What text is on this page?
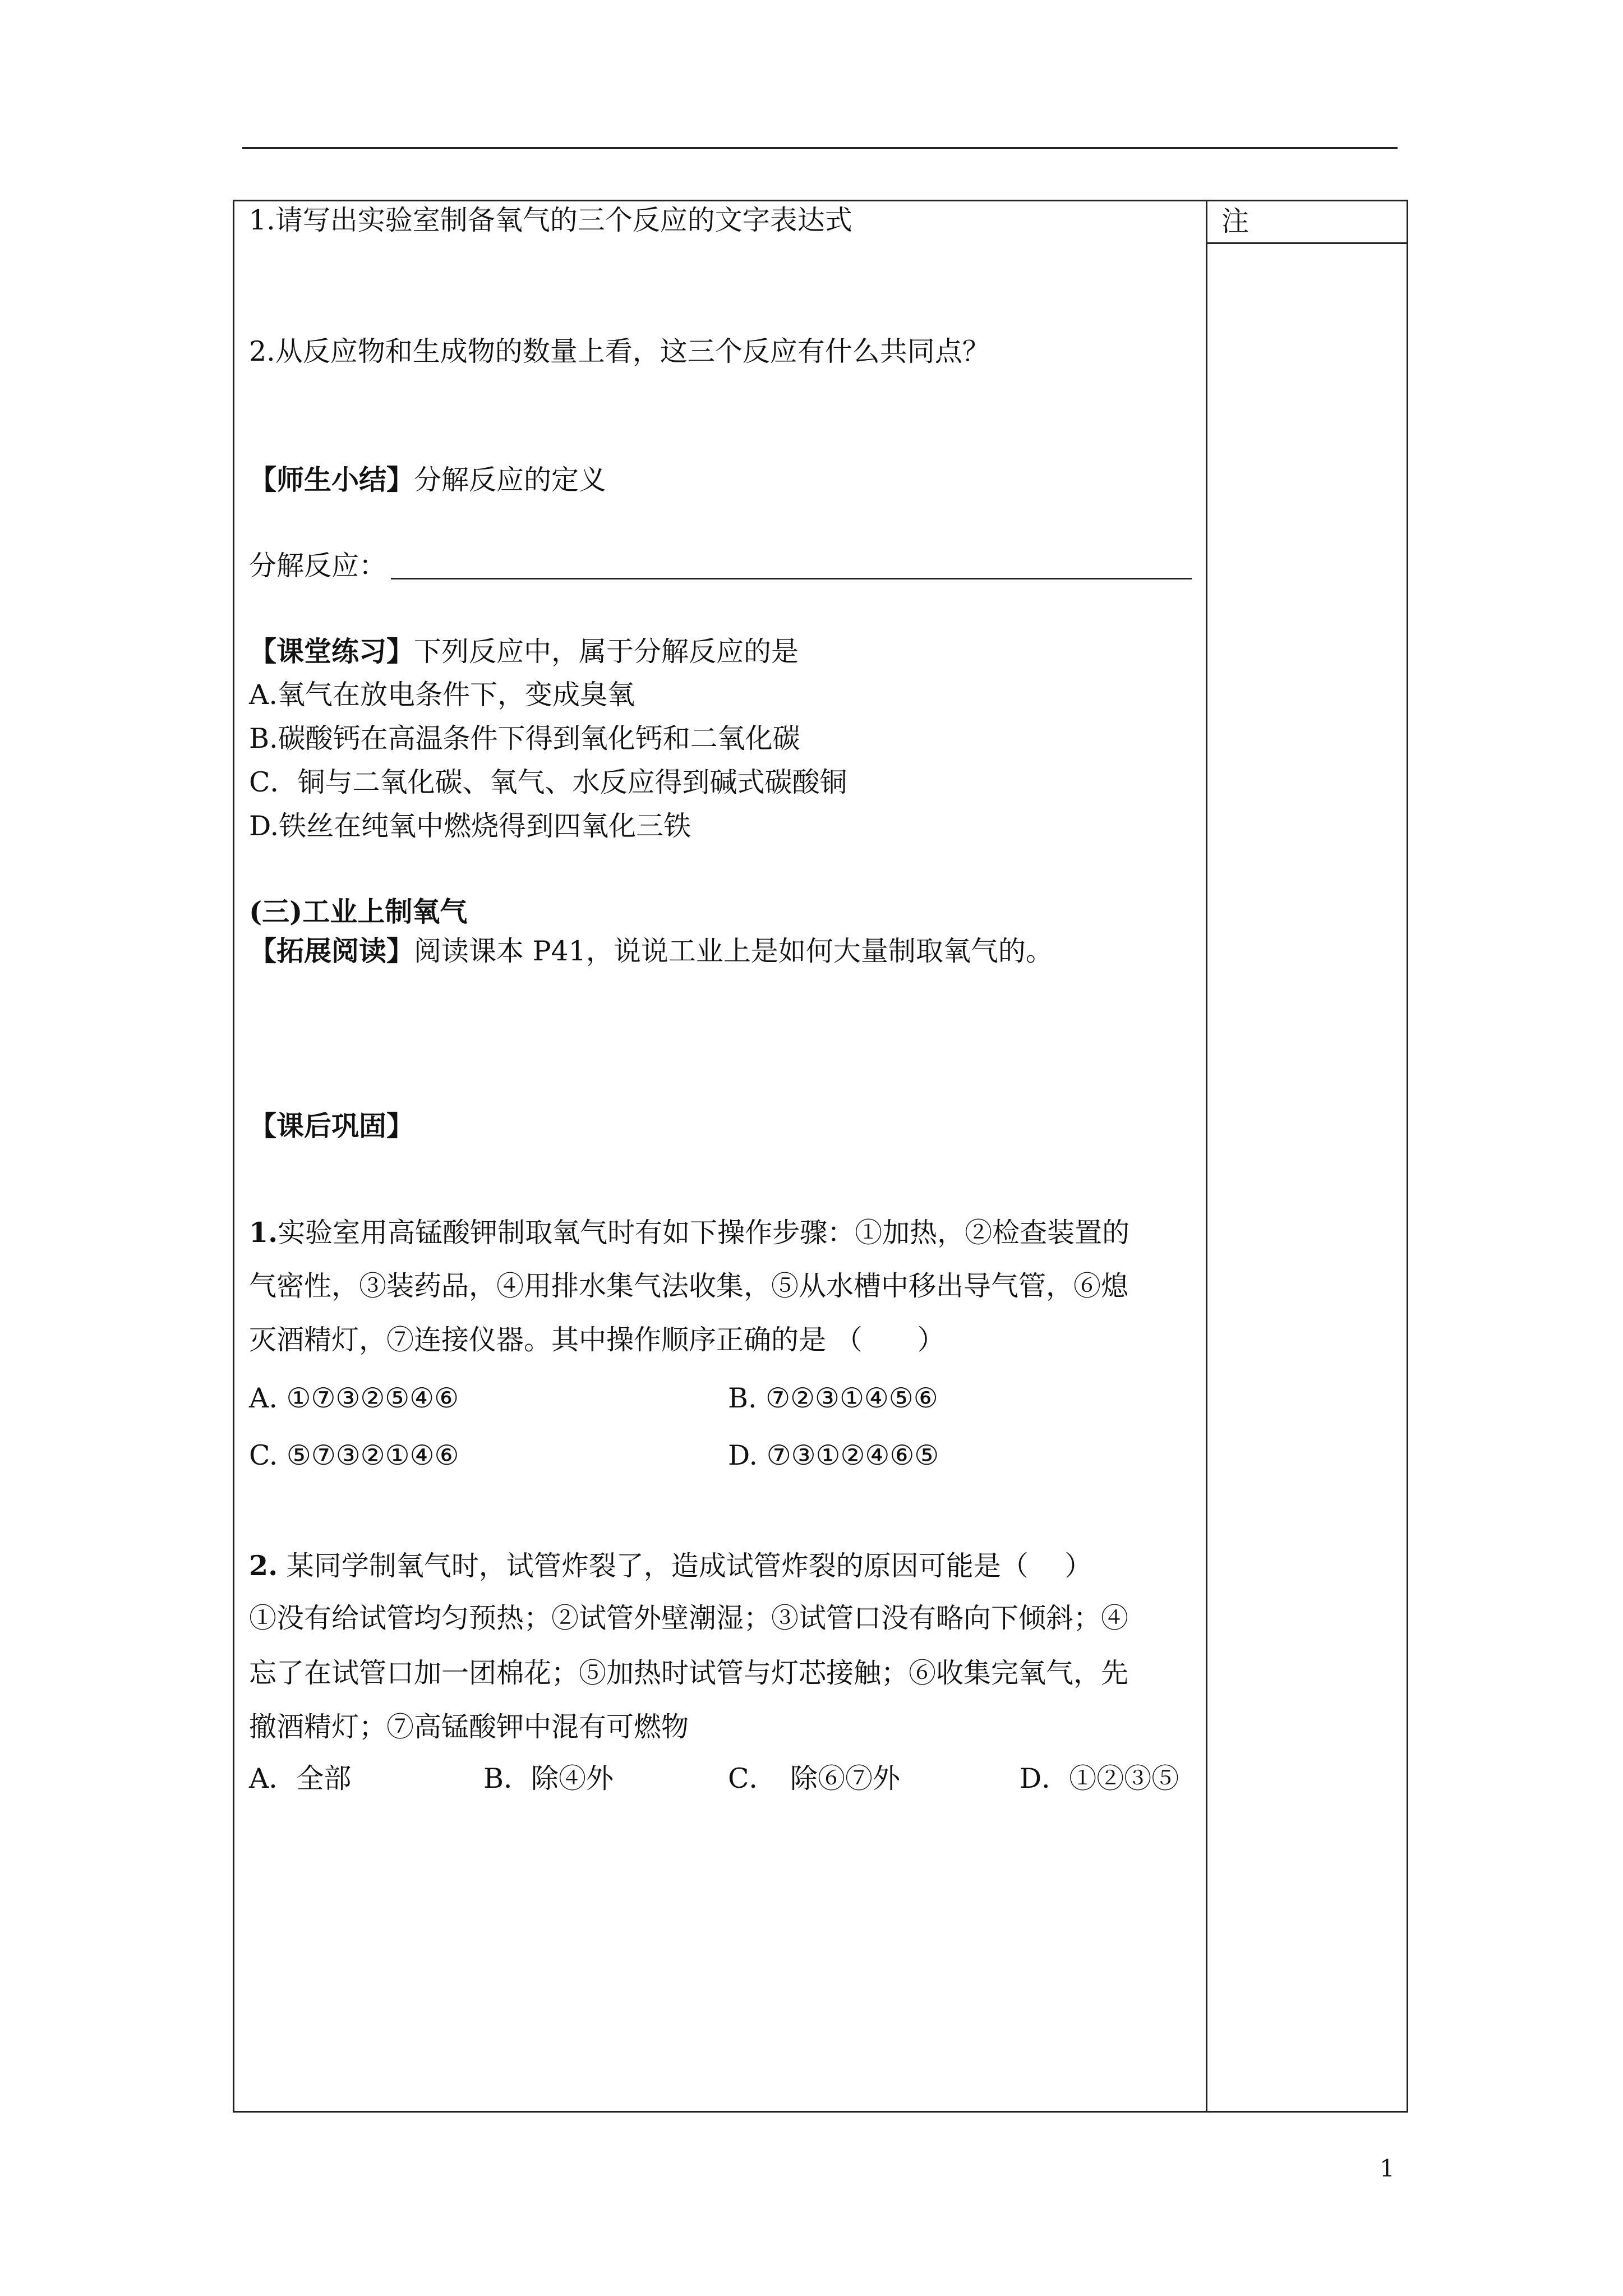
注
1.请写出实验室制备氧气的三个反应的文字表达式
2.从反应物和生成物的数量上看，这三个反应有什么共同点？
【师生小结】分解反应的定义
分解反应：
【课堂练习】下列反应中，属于分解反应的是
A.氧气在放电条件下，变成臭氧
B.碳酸钙在高温条件下得到氧化钙和二氧化碳
C．铜与二氧化碳、氧气、水反应得到碱式碳酸铜
D.铁丝在纯氧中燃烧得到四氧化三铁
(三)工业上制氧气
【拓展阅读】阅读课本 P41，说说工业上是如何大量制取氧气的。
【课后巩固】
1.实验室用高锰酸钾制取氧气时有如下操作步骤：①加热，②检查装置的
气密性，③装药品，④用排水集气法收集，⑤从水槽中移出导气管，⑥熄
灭酒精灯，⑦连接仪器。其中操作顺序正确的是 （　　）
A. ①⑦③②⑤④⑥	B. ⑦②③①④⑤⑥
C. ⑤⑦③②①④⑥	D. ⑦③①②④⑥⑤
2. 某同学制氧气时，试管炸裂了，造成试管炸裂的原因可能是（　 ）
①没有给试管均匀预热；②试管外壁潮湿；③试管口没有略向下倾斜；④
忘了在试管口加一团棉花；⑤加热时试管与灯芯接触；⑥收集完氧气，先
撤酒精灯；⑦高锰酸钾中混有可燃物
A．全部	B．除④外	C．　除⑥⑦外	D．①②③⑤
1
